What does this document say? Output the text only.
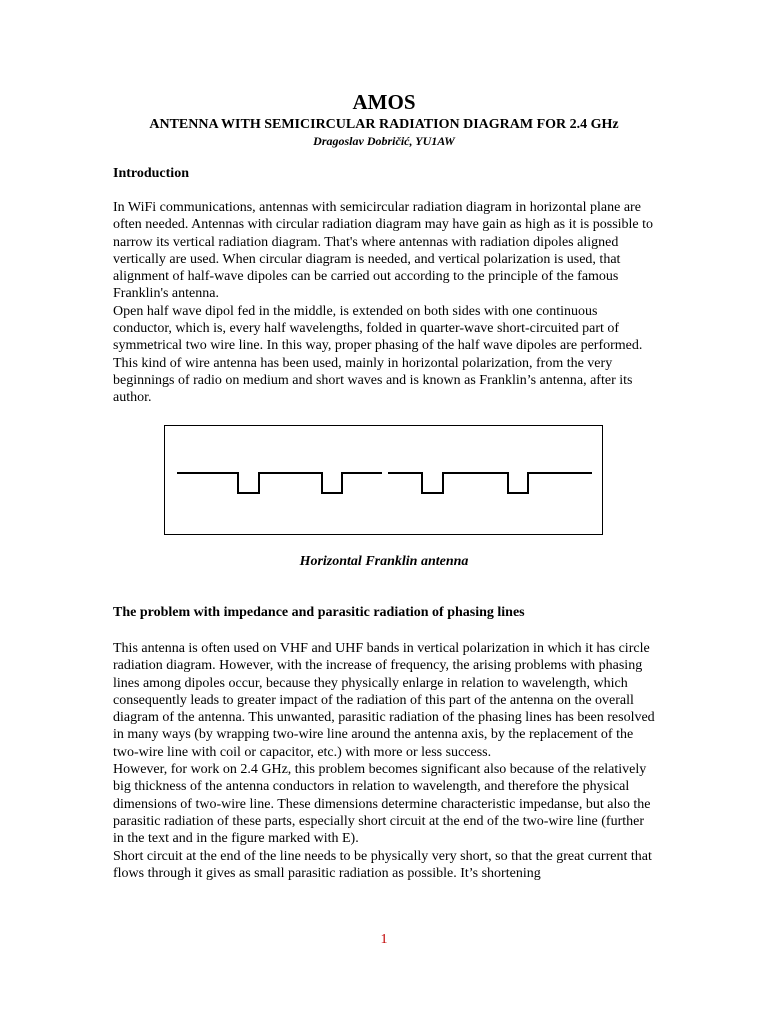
AMOS
ANTENNA WITH SEMICIRCULAR RADIATION DIAGRAM FOR 2.4 GHz
Dragoslav Dobričić, YU1AW
Introduction

In WiFi communications, antennas with semicircular radiation diagram in horizontal plane are often needed. Antennas with circular radiation diagram may have gain as high as it is possible to narrow its vertical radiation diagram. That's where antennas with radiation dipoles aligned vertically are used. When circular diagram is needed, and vertical polarization is used, that alignment of half-wave dipoles can be carried out according to the principle of the famous Franklin's antenna.

Open half wave dipol fed in the middle, is extended on both sides with one continuous conductor, which is, every half wavelengths, folded in quarter-wave short-circuited part of symmetrical two wire line. In this way, proper phasing of the half wave dipoles are performed. This kind of wire antenna has been used, mainly in horizontal polarization, from the very beginnings of radio on medium and short waves and is known as Franklin’s antenna, after its author.

Horizontal Franklin antenna
The problem with impedance and parasitic radiation of phasing lines

This antenna is often used on VHF and UHF bands in vertical polarization in which it has circle radiation diagram. However, with the increase of frequency, the arising problems with phasing lines among dipoles occur, because they physically enlarge in relation to wavelength, which consequently leads to greater impact of the radiation of this part of the antenna on the overall diagram of the antenna. This unwanted, parasitic radiation of the phasing lines has been resolved in many ways (by wrapping two-wire line around the antenna axis, by the replacement of the two-wire line with coil or capacitor, etc.) with more or less success.

However, for work on 2.4 GHz, this problem becomes significant also because of the relatively big thickness of the antenna conductors in relation to wavelength, and therefore the physical dimensions of two-wire line. These dimensions determine characteristic impedanse, but also the parasitic radiation of these parts, especially short circuit at the end of the two-wire line (further in the text and in the figure marked with E).

Short circuit at the end of the line needs to be physically very short, so that the great current that flows through it gives as small parasitic radiation as possible. It’s shortening

1
